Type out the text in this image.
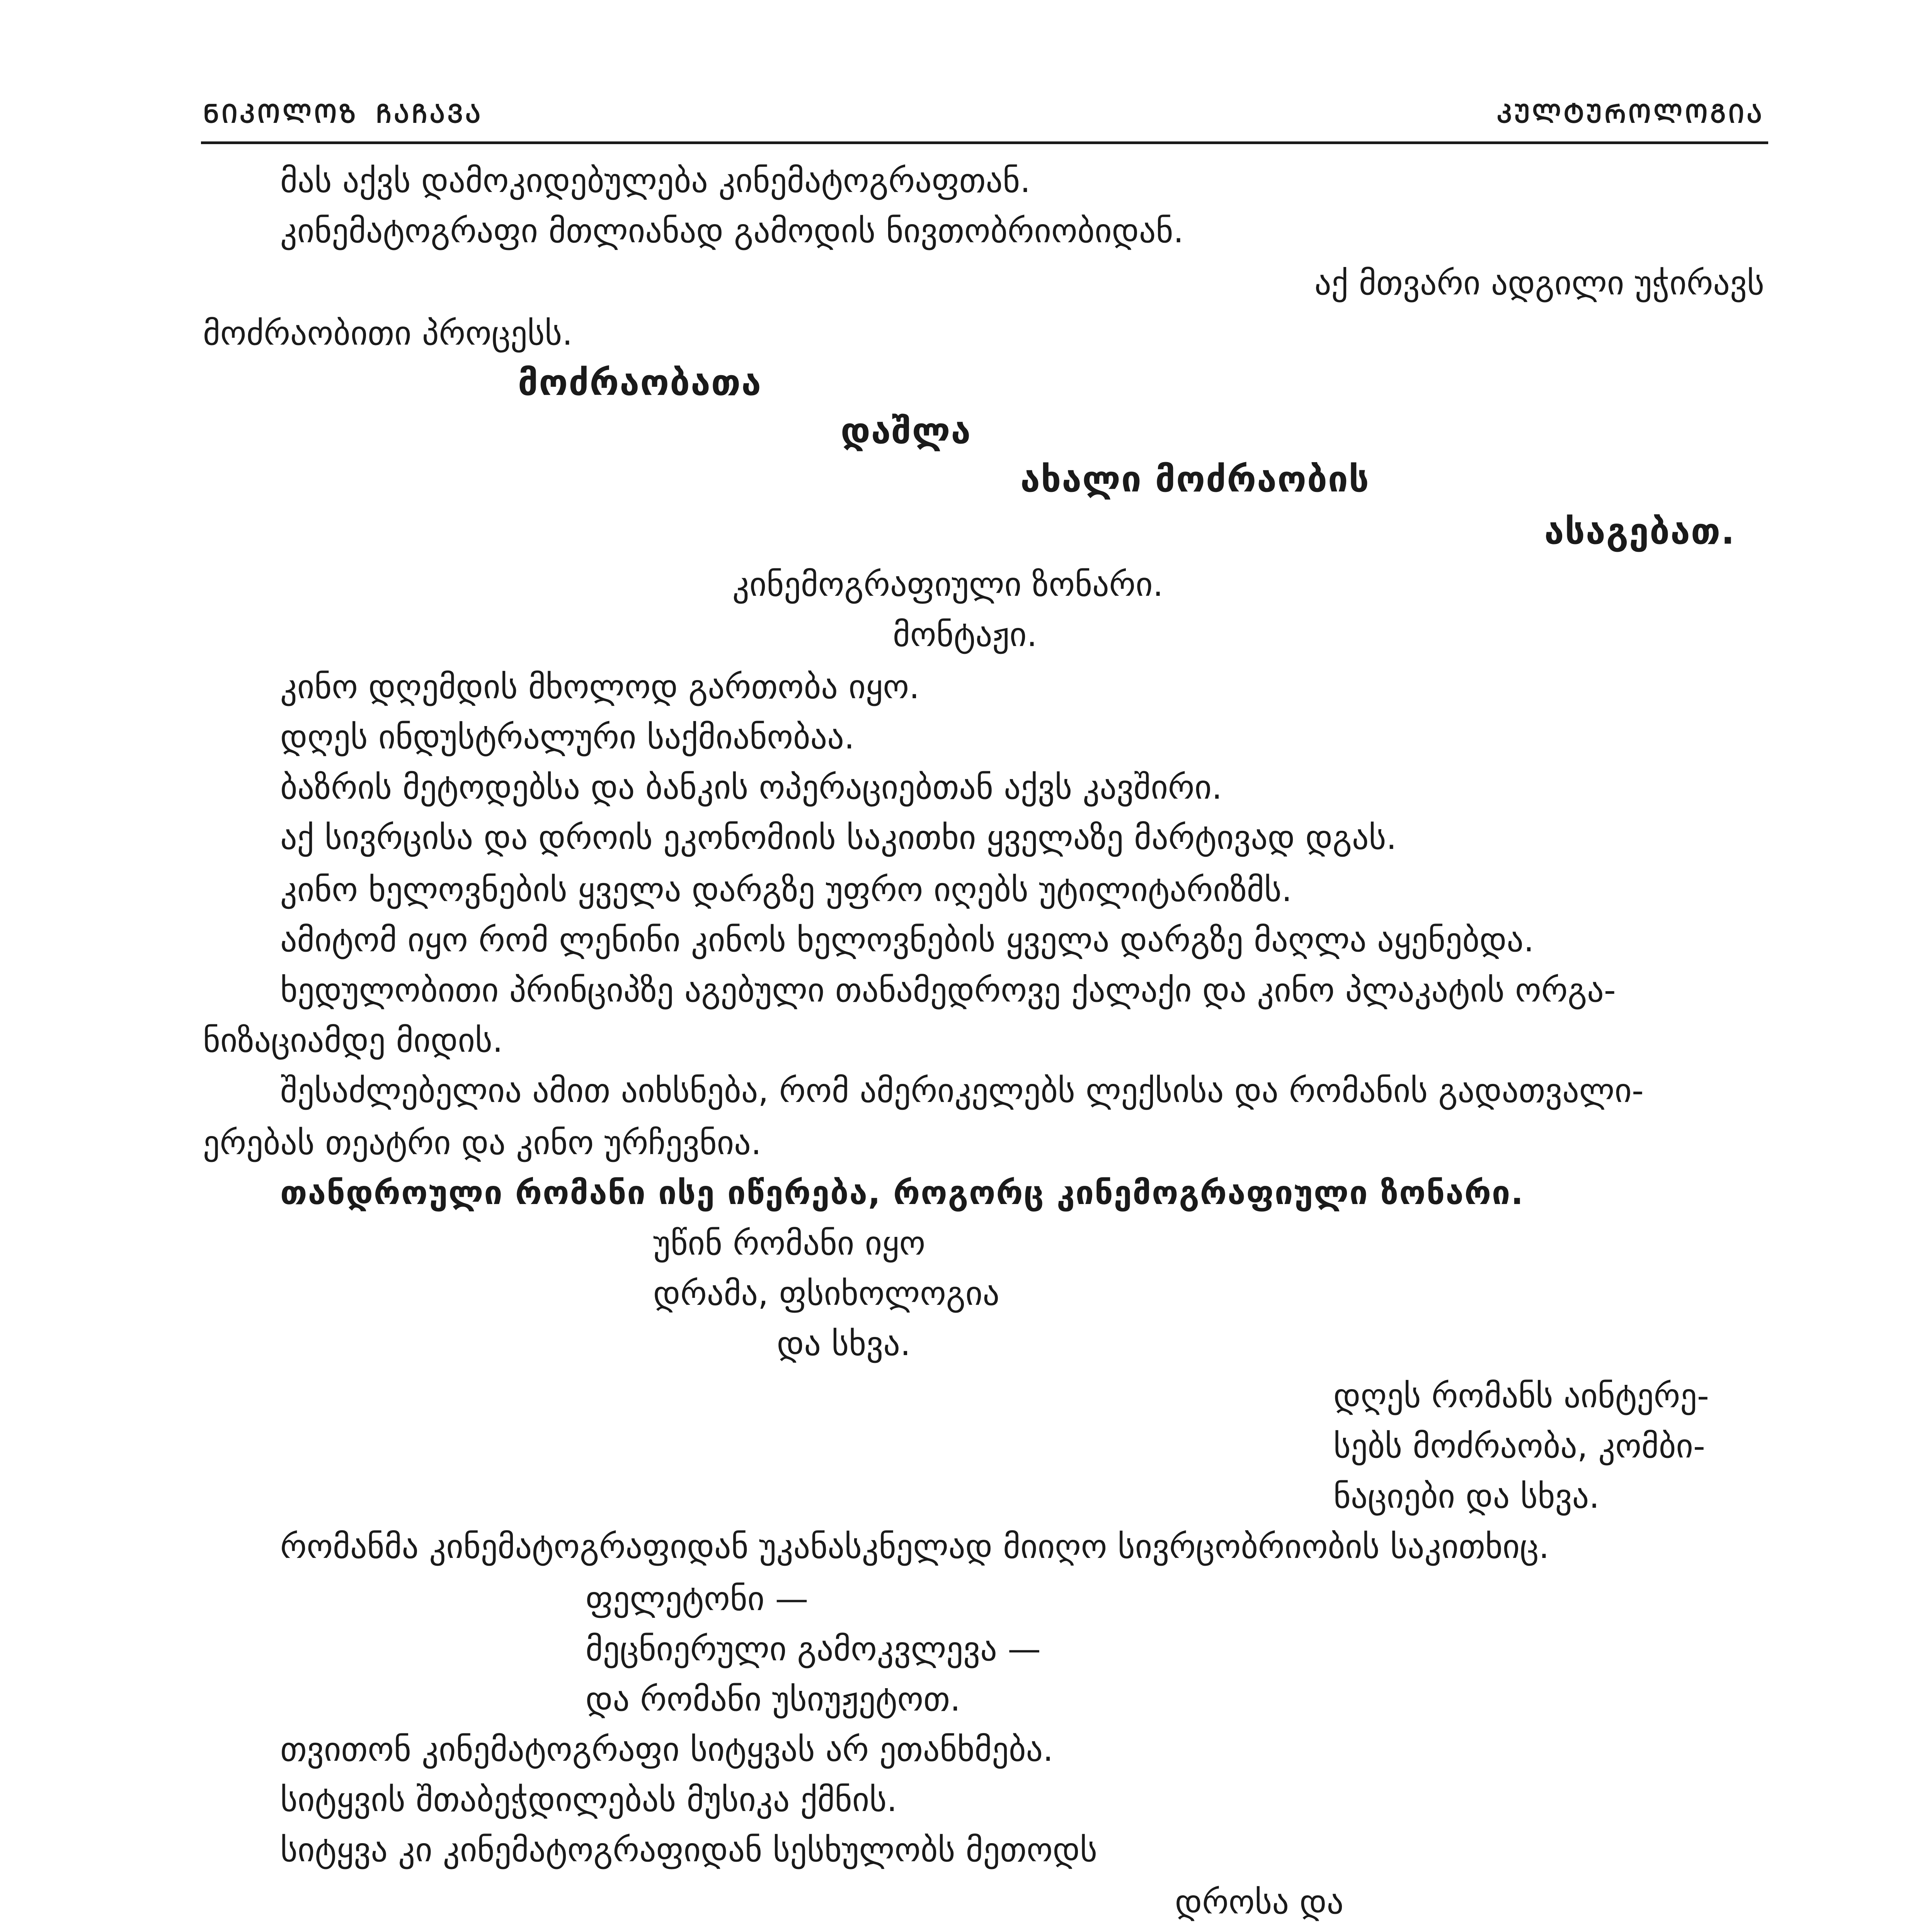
ᲜᲘᲙᲝᲚᲝᲖ ᲩᲐᲩᲐᲕᲐ	ᲙᲣᲚᲢᲣᲠᲝᲚᲝᲒᲘᲐ
მას აქვს დამოკიდებულება კინემატოგრაფთან.
კინემატოგრაფი მთლიანად გამოდის ნივთობრიობიდან.
აქ მთვარი ადგილი უჭირავს
მოძრაობითი პროცესს.
მოძრაობათა
დაშლა
ახალი მოძრაობის
ასაგებათ.
კინემოგრაფიული ზონარი.
მონტაჟი.
კინო დღემდის მხოლოდ გართობა იყო.
დღეს ინდუსტრალური საქმიანობაა.
ბაზრის მეტოდებსა და ბანკის ოპერაციებთან აქვს კავშირი.
აქ სივრცისა და დროის ეკონომიის საკითხი ყველაზე მარტივად დგას.
კინო ხელოვნების ყველა დარგზე უფრო იღებს უტილიტარიზმს.
ამიტომ იყო რომ ლენინი კინოს ხელოვნების ყველა დარგზე მაღლა აყენებდა.
ხედულობითი პრინციპზე აგებული თანამედროვე ქალაქი და კინო პლაკატის ორგა-
ნიზაციამდე მიდის.
შესაძლებელია ამით აიხსნება, რომ ამერიკელებს ლექსისა და რომანის გადათვალი-
ერებას თეატრი და კინო ურჩევნია.
თანდროული რომანი ისე იწერება, როგორც კინემოგრაფიული ზონარი.
უწინ რომანი იყო
დრამა, ფსიხოლოგია
და სხვა.
დღეს რომანს აინტერე-
სებს მოძრაობა, კომბი-
ნაციები და სხვა.
რომანმა კინემატოგრაფიდან უკანასკნელად მიიღო სივრცობრიობის საკითხიც.
ფელეტონი —
მეცნიერული გამოკვლევა —
და რომანი უსიუჟეტოთ.
თვითონ კინემატოგრაფი სიტყვას არ ეთანხმება.
სიტყვის შთაბეჭდილებას მუსიკა ქმნის.
სიტყვა კი კინემატოგრაფიდან სესხულობს მეთოდს
დროსა და
